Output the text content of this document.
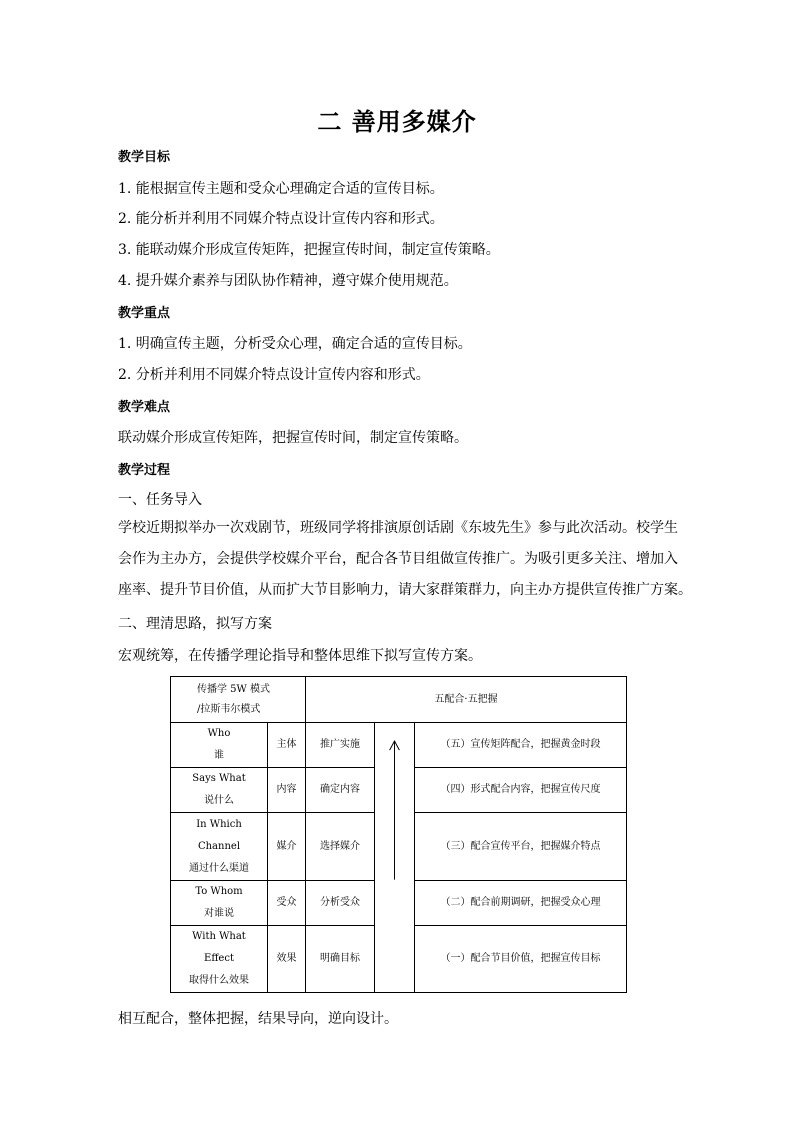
二 善用多媒介
教学目标
1. 能根据宣传主题和受众心理确定合适的宣传目标。
2. 能分析并利用不同媒介特点设计宣传内容和形式。
3. 能联动媒介形成宣传矩阵，把握宣传时间，制定宣传策略。
4. 提升媒介素养与团队协作精神，遵守媒介使用规范。
教学重点
1. 明确宣传主题，分析受众心理，确定合适的宣传目标。
2. 分析并利用不同媒介特点设计宣传内容和形式。
教学难点
联动媒介形成宣传矩阵，把握宣传时间，制定宣传策略。
教学过程
一、任务导入
学校近期拟举办一次戏剧节，班级同学将排演原创话剧《东坡先生》参与此次活动。校学生
会作为主办方，会提供学校媒介平台，配合各节目组做宣传推广。为吸引更多关注、增加入
座率、提升节目价值，从而扩大节目影响力，请大家群策群力，向主办方提供宣传推广方案。
二、理清思路，拟写方案
宏观统筹，在传播学理论指导和整体思维下拟写宣传方案。
传播学 5W 模式
/拉斯韦尔模式		五配合·五把握		

Who
谁	主体	推广实施		（五）宣传矩阵配合，把握黄金时段

Says What
说什么	内容	确定内容		（四）形式配合内容，把握宣传尺度

In Which
Channel
通过什么渠道	媒介	选择媒介		（三）配合宣传平台，把握媒介特点

To Whom
对谁说	受众	分析受众		（二）配合前期调研，把握受众心理

With What
Effect
取得什么效果	效果	明确目标		（一）配合节目价值，把握宣传目标
相互配合，整体把握，结果导向，逆向设计。
